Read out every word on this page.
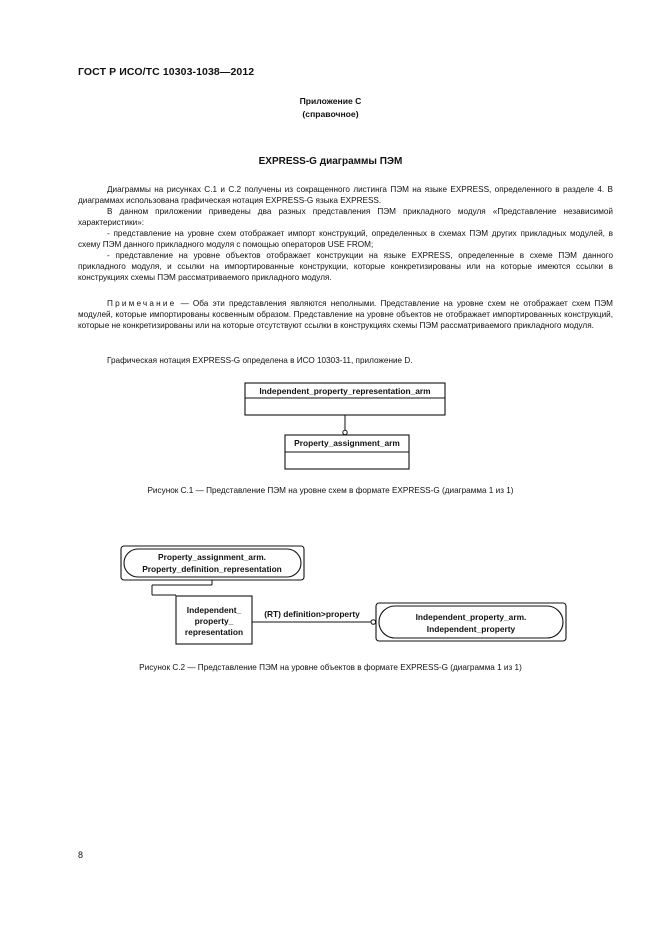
ГОСТ Р ИСО/ТС 10303-1038—2012
Приложение С
(справочное)
EXPRESS-G диаграммы ПЭМ

Диаграммы на рисунках С.1 и С.2 получены из сокращенного листинга ПЭМ на языке EXPRESS, определенного в разделе 4. В диаграммах использована графическая нотация EXPRESS-G языка EXPRESS.

В данном приложении приведены два разных представления ПЭМ прикладного модуля «Представление независимой характеристики»:

- представление на уровне схем отображает импорт конструкций, определенных в схемах ПЭМ других прикладных модулей, в схему ПЭМ данного прикладного модуля с помощью операторов USE FROM;

- представление на уровне объектов отображает конструкции на языке EXPRESS, определенные в схеме ПЭМ данного прикладного модуля, и ссылки на импортированные конструкции, которые конкретизированы или на которые имеются ссылки в конструкциях схемы ПЭМ рассматриваемого прикладного модуля.

Примечание — Оба эти представления являются неполными. Представление на уровне схем не отображает схем ПЭМ модулей, которые импортированы косвенным образом. Представление на уровне объектов не отображает импортированных конструкций, которые не конкретизированы или на которые отсутствуют ссылки в конструкциях схемы ПЭМ рассматриваемого прикладного модуля.

Графическая нотация EXPRESS-G определена в ИСО 10303-11, приложение D.
Independent_property_representation_arm
Property_assignment_arm
Property_assignment_arm.
Property_definition_representation
Independent_
property_
representation
(RT) definition>property	Independent_property_arm.
Independent_property
Рисунок С.1 — Представление ПЭМ на уровне схем в формате EXPRESS-G (диаграмма 1 из 1)
Рисунок С.2 — Представление ПЭМ на уровне объектов в формате EXPRESS-G (диаграмма 1 из 1)
8
